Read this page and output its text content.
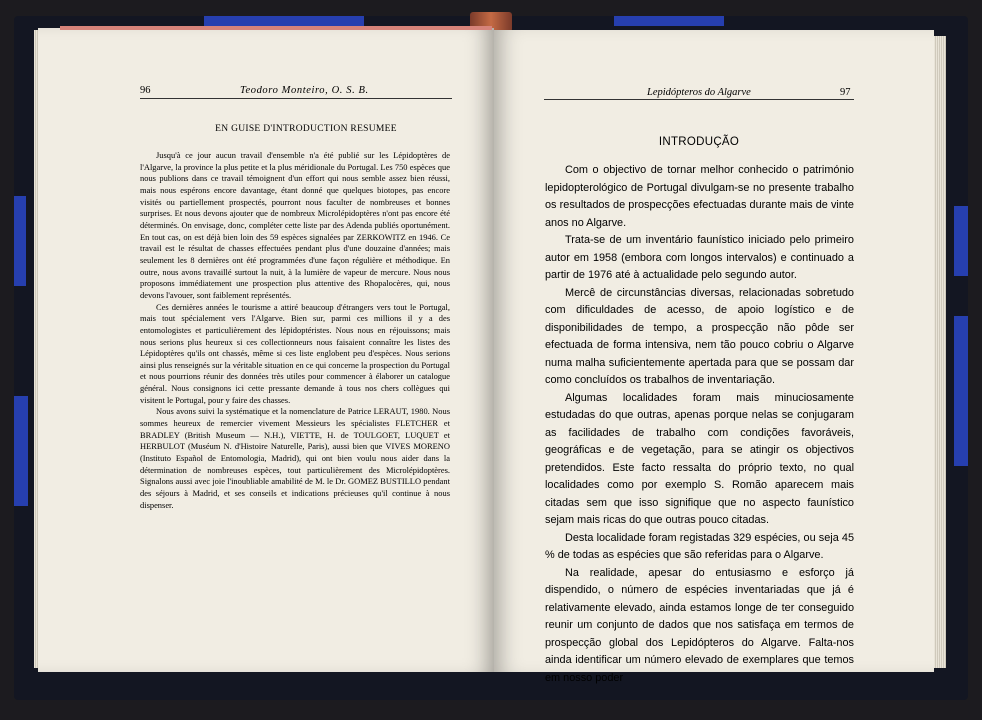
96	Teodoro Monteiro, O. S. B.
EN GUISE D'INTRODUCTION RESUMEE

Jusqu'à ce jour aucun travail d'ensemble n'a été publié sur les Lépidoptères de l'Algarve, la province la plus petite et la plus méridionale du Portugal. Les 750 espèces que nous publions dans ce travail témoignent d'un effort qui nous semble assez bien réussi, mais nous espérons encore davantage, étant donné que quelques biotopes, pas encore visités ou partiellement prospectés, pourront nous faculter de nombreuses et bonnes surprises. Et nous devons ajouter que de nombreux Microlépidoptères n'ont pas encore été déterminés. On envisage, donc, compléter cette liste par des Adenda publiés oportunément. En tout cas, on est déjà bien loin des 59 espèces signalées par ZERKOWITZ en 1946. Ce travail est le résultat de chasses effectuées pendant plus d'une douzaine d'années; mais seulement les 8 dernières ont été programmées d'une façon régulière et méthodique. En outre, nous avons travaillé surtout la nuit, à la lumière de vapeur de mercure. Nous nous proposons immédiatement une prospection plus attentive des Rhopalocères, qui, nous devons l'avouer, sont faiblement représentés.

Ces dernières années le tourisme a attiré beaucoup d'étrangers vers tout le Portugal, mais tout spécialement vers l'Algarve. Bien sur, parmi ces millions il y a des entomologistes et particulièrement des lépidoptéristes. Nous nous en réjouissons; mais nous serions plus heureux si ces collectionneurs nous faisaient connaître les listes des Lépidoptères qu'ils ont chassés, même si ces liste englobent peu d'espèces. Nous serions ainsi plus renseignés sur la véritable situation en ce qui concerne la prospection du Portugal et nous pourrions réunir des données très utiles pour commencer à élaborer un catalogue général. Nous consignons ici cette pressante demande à tous nos chers collègues qui visitent le Portugal, pour y faire des chasses.

Nous avons suivi la systématique et la nomenclature de Patrice LERAUT, 1980. Nous sommes heureux de remercier vivement Messieurs les spécialistes FLETCHER et BRADLEY (British Museum — N.H.), VIETTE, H. de TOULGOET, LUQUET et HERBULOT (Muséum N. d'Histoire Naturelle, Paris), aussi bien que VIVES MORENO (Instituto Español de Entomologia, Madrid), qui ont bien voulu nous aider dans la détermination de nombreuses espèces, tout particulièrement des Microlépidoptères. Signalons aussi avec joie l'inoubliable amabilité de M. le Dr. GOMEZ BUSTILLO pendant des séjours à Madrid, et ses conseils et indications précieuses qu'il continue à nous dispenser.

Lepidópteros do Algarve	97
INTRODUÇÃO

Com o objectivo de tornar melhor conhecido o património lepidopterológico de Portugal divulgam-se no presente trabalho os resultados de prospecções efectuadas durante mais de vinte anos no Algarve.

Trata-se de um inventário faunístico iniciado pelo primeiro autor em 1958 (embora com longos intervalos) e continuado a partir de 1976 até à actualidade pelo segundo autor.

Mercê de circunstâncias diversas, relacionadas sobretudo com dificuldades de acesso, de apoio logístico e de disponibilidades de tempo, a prospecção não pôde ser efectuada de forma intensiva, nem tão pouco cobriu o Algarve numa malha suficientemente apertada para que se possam dar como concluídos os trabalhos de inventariação.

Algumas localidades foram mais minuciosamente estudadas do que outras, apenas porque nelas se conjugaram as facilidades de trabalho com condições favoráveis, geográficas e de vegetação, para se atingir os objectivos pretendidos. Este facto ressalta do próprio texto, no qual localidades como por exemplo S. Romão aparecem mais citadas sem que isso signifique que no aspecto faunístico sejam mais ricas do que outras pouco citadas.

Desta localidade foram registadas 329 espécies, ou seja 45 % de todas as espécies que são referidas para o Algarve.

Na realidade, apesar do entusiasmo e esforço já dispendido, o número de espécies inventariadas que já é relativamente elevado, ainda estamos longe de ter conseguido reunir um conjunto de dados que nos satisfaça em termos de prospecção global dos Lepidópteros do Algarve. Falta-nos ainda identificar um número elevado de exemplares que temos em nosso poder
